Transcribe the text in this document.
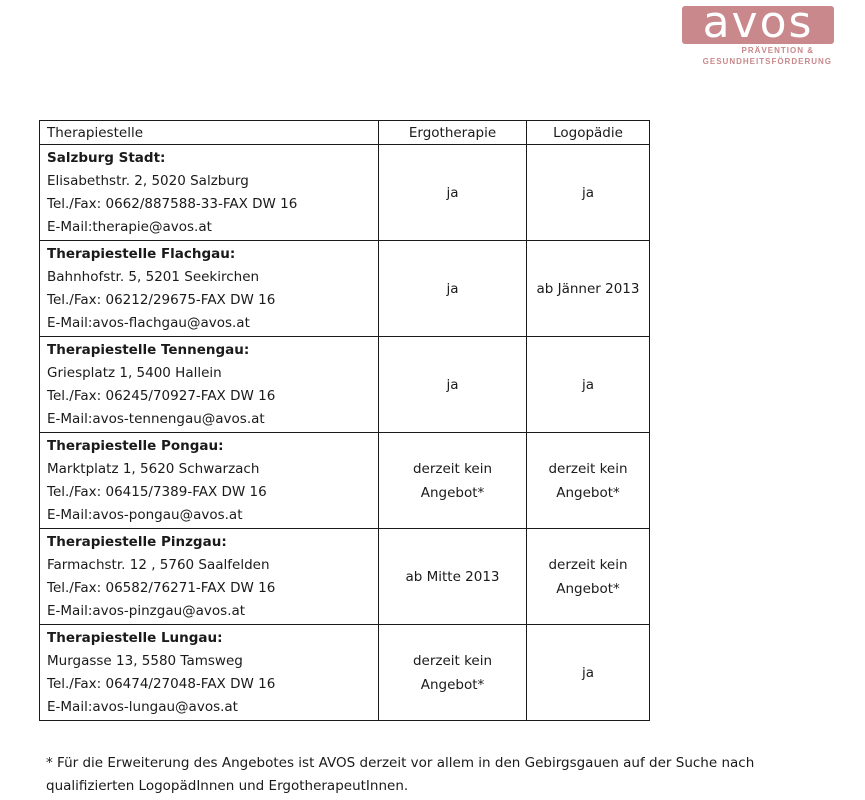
avos
PRÄVENTION &
GESUNDHEITSFÖRDERUNG
Therapiestelle	Ergotherapie	Logopädie

Salzburg Stadt:
Elisabethstr. 2, 5020 Salzburg
Tel./Fax: 0662/887588-33-FAX DW 16
E-Mail:therapie@avos.at	ja	ja

Therapiestelle Flachgau:
Bahnhofstr. 5, 5201 Seekirchen
Tel./Fax: 06212/29675-FAX DW 16
E-Mail:avos-flachgau@avos.at	ja	ab Jänner 2013

Therapiestelle Tennengau:
Griesplatz 1, 5400 Hallein
Tel./Fax: 06245/70927-FAX DW 16
E-Mail:avos-tennengau@avos.at	ja	ja

Therapiestelle Pongau:
Marktplatz 1, 5620 Schwarzach
Tel./Fax: 06415/7389-FAX DW 16
E-Mail:avos-pongau@avos.at	derzeit kein Angebot*	derzeit kein Angebot*

Therapiestelle Pinzgau:
Farmachstr. 12 , 5760 Saalfelden
Tel./Fax: 06582/76271-FAX DW 16
E-Mail:avos-pinzgau@avos.at	ab Mitte 2013	derzeit kein Angebot*

Therapiestelle Lungau:
Murgasse 13, 5580 Tamsweg
Tel./Fax: 06474/27048-FAX DW 16
E-Mail:avos-lungau@avos.at	derzeit kein Angebot*	ja
* Für die Erweiterung des Angebotes ist AVOS derzeit vor allem in den Gebirgsgauen auf der Suche nach qualifizierten LogopädInnen und ErgotherapeutInnen.
